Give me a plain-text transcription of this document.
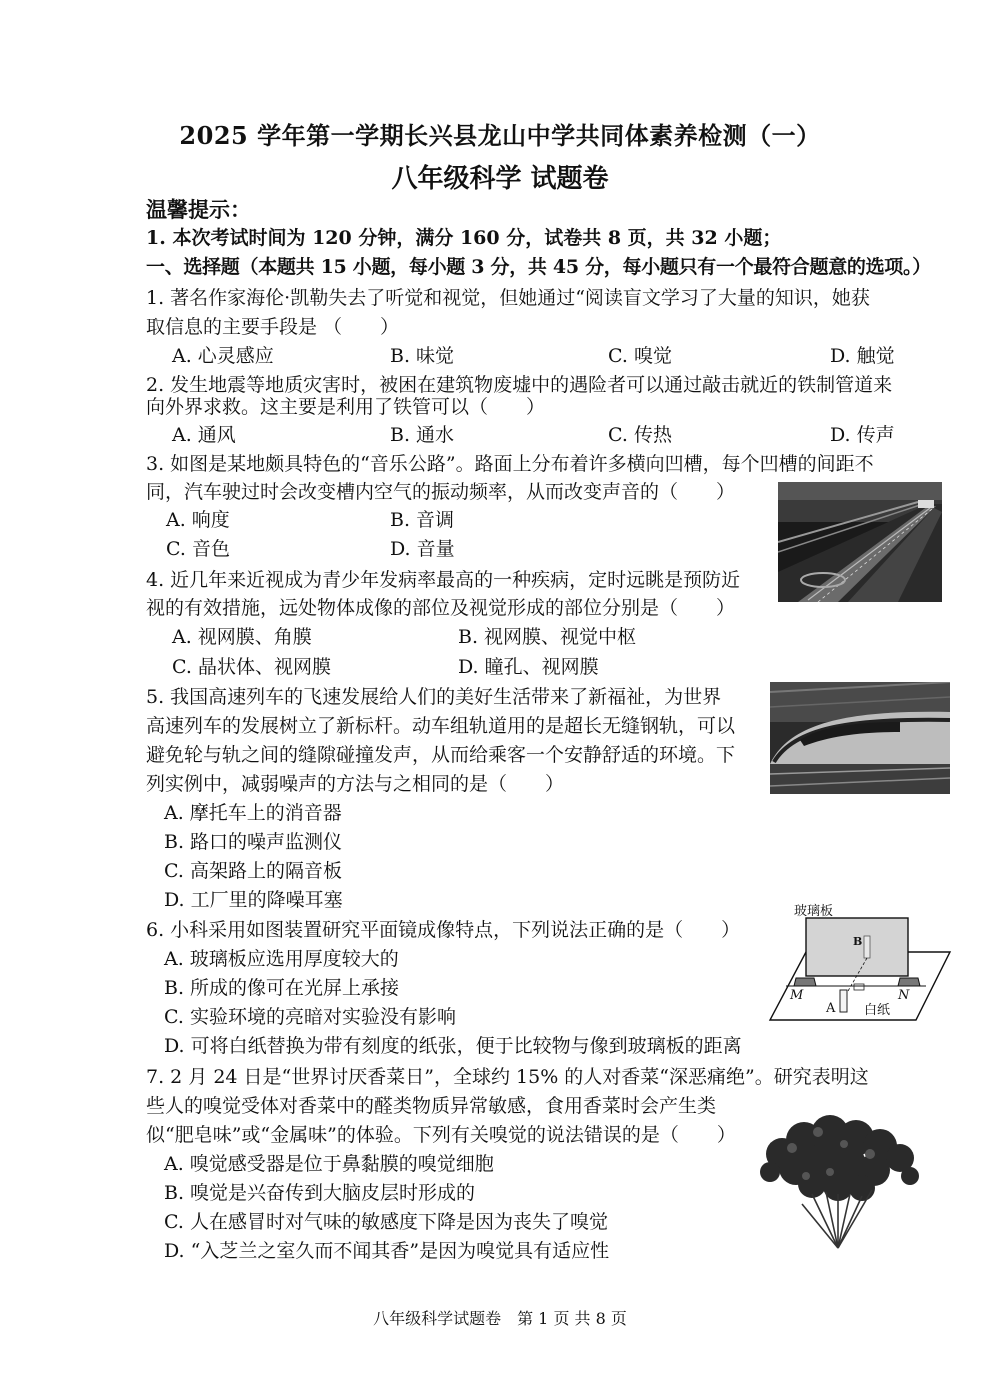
2025 学年第一学期长兴县龙山中学共同体素养检测（一）
八年级科学 试题卷
温馨提示：
1. 本次考试时间为 120 分钟，满分 160 分，试卷共 8 页，共 32 小题；
一、选择题（本题共 15 小题，每小题 3 分，共 45 分，每小题只有一个最符合题意的选项。）
1. 著名作家海伦·凯勒失去了听觉和视觉，但她通过“阅读盲文学习了大量的知识，她获
取信息的主要手段是 （　　）
A. 心灵感应	B. 味觉	C. 嗅觉	D. 触觉
2. 发生地震等地质灾害时，被困在建筑物废墟中的遇险者可以通过敲击就近的铁制管道来
向外界求救。这主要是利用了铁管可以（　　）
A. 通风	B. 通水	C. 传热	D. 传声
3. 如图是某地颇具特色的“音乐公路”。路面上分布着许多横向凹槽，每个凹槽的间距不
同，汽车驶过时会改变槽内空气的振动频率，从而改变声音的（　　）
A. 响度	B. 音调
C. 音色	D. 音量
4. 近几年来近视成为青少年发病率最高的一种疾病，定时远眺是预防近
视的有效措施，远处物体成像的部位及视觉形成的部位分别是（　　）
A. 视网膜、角膜	B. 视网膜、视觉中枢
C. 晶状体、视网膜	D. 瞳孔、视网膜
5. 我国高速列车的飞速发展给人们的美好生活带来了新福祉，为世界
高速列车的发展树立了新标杆。动车组轨道用的是超长无缝钢轨，可以
避免轮与轨之间的缝隙碰撞发声，从而给乘客一个安静舒适的环境。下
列实例中，减弱噪声的方法与之相同的是（　　）
A. 摩托车上的消音器
B. 路口的噪声监测仪
C. 高架路上的隔音板
D. 工厂里的降噪耳塞
6. 小科采用如图装置研究平面镜成像特点，下列说法正确的是（　　）
A. 玻璃板应选用厚度较大的
B. 所成的像可在光屏上承接
C. 实验环境的亮暗对实验没有影响
D. 可将白纸替换为带有刻度的纸张，便于比较物与像到玻璃板的距离
玻璃板
B
M	N
A 白纸
7. 2 月 24 日是“世界讨厌香菜日”，全球约 15% 的人对香菜“深恶痛绝”。研究表明这
些人的嗅觉受体对香菜中的醛类物质异常敏感，食用香菜时会产生类
似“肥皂味”或“金属味”的体验。下列有关嗅觉的说法错误的是（　　）
A. 嗅觉感受器是位于鼻黏膜的嗅觉细胞
B. 嗅觉是兴奋传到大脑皮层时形成的
C. 人在感冒时对气味的敏感度下降是因为丧失了嗅觉
D. “入芝兰之室久而不闻其香”是因为嗅觉具有适应性
八年级科学试题卷　第 1 页 共 8 页
